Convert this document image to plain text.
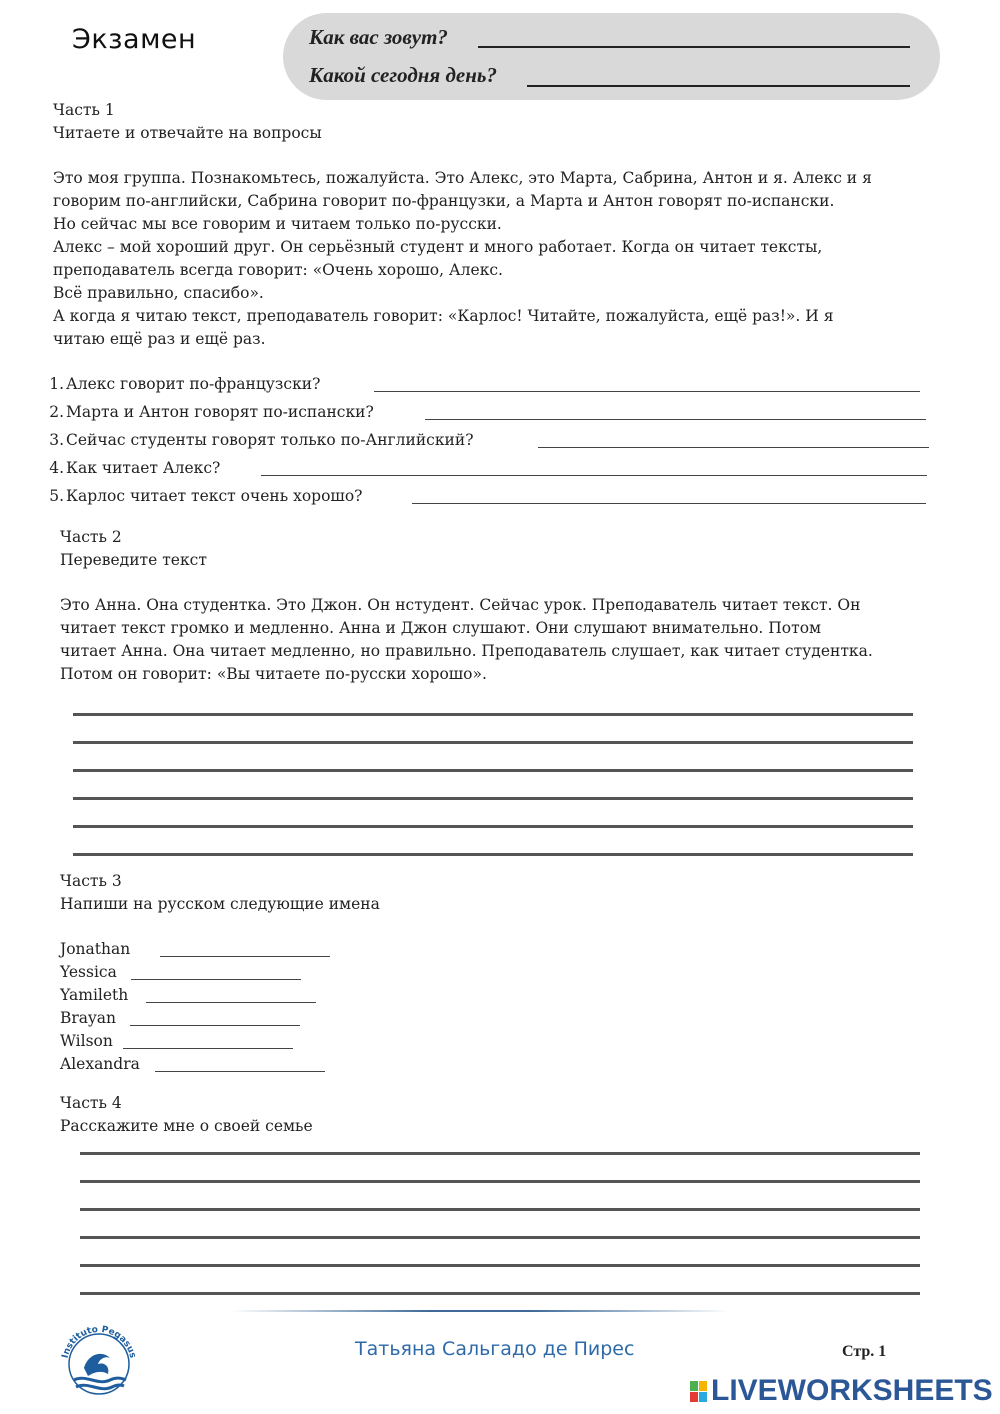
Экзамен	Как вас зовут?
Какой сегодня день?
Часть 1
Читаете и отвечайте на вопросы
Это моя группа. Познакомьтесь, пожалуйста. Это Алекс, это Марта, Сабрина, Антон и я. Алекс и я
говорим по-английски, Сабрина говорит по-французки, а Марта и Антон говорят по-испански.
Но сейчас мы все говорим и читаем только по-русски.
Алекс – мой хороший друг. Он серьёзный студент и много работает. Когда он читает тексты,
преподаватель всегда говорит: «Очень хорошо, Алекс.
Всё правильно, спасибо».
А когда я читаю текст, преподаватель говорит: «Карлос! Читайте, пожалуйста, ещё раз!». И я
читаю ещё раз и ещё раз.
1. Алекс говорит по-французски?
2. Марта и Антон говорят по-испански?
3. Сейчас студенты говорят только по-Английский?
4. Как читает Алекс?
5. Карлос читает текст очень хорошо?
Часть 2
Переведите текст
Это Анна. Она студентка. Это Джон. Он нстудент. Сейчас урок. Преподаватель читает текст. Он
читает текст громко и медленно. Анна и Джон слушают. Они слушают внимательно. Потом
читает Анна. Она читает медленно, но правильно. Преподаватель слушает, как читает студентка.
Потом он говорит: «Вы читаете по-русски хорошо».
Часть 3
Напиши на русском следующие имена
Jonathan
Yessica
Yamileth
Brayan
Wilson
Alexandra
Часть 4
Расскажите мне о своей семье
Instituto Pegasus	Татьяна Сальгадо де Пирес	Стр. 1
LIVEWORKSHEETS
